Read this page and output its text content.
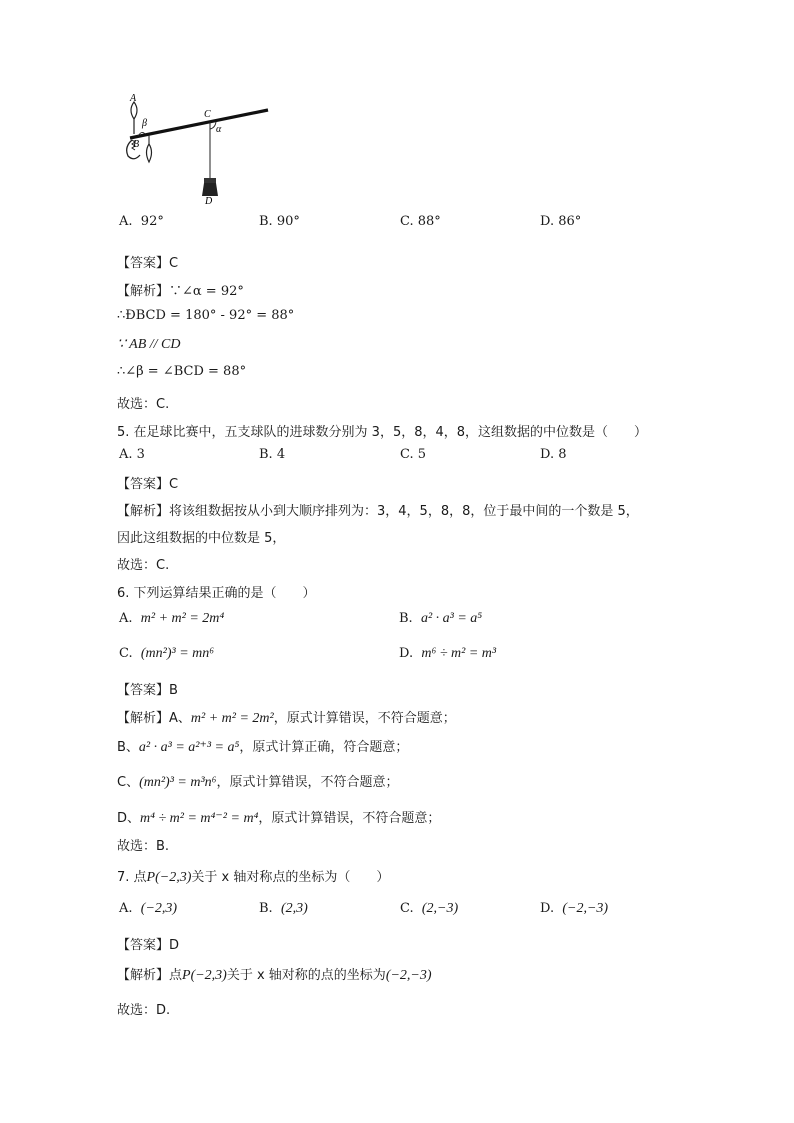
A
B
C
D
α
β
A. 92°	B. 90°	C. 88°	D. 86°
【答案】C
【解析】∵∠α = 92°
∴ÐBCD = 180° - 92° = 88°
∵ AB // CD
∴∠β = ∠BCD = 88°
故选：C.
5. 在足球比赛中，五支球队的进球数分别为 3，5，8，4，8，这组数据的中位数是（　　）
A. 3	B. 4	C. 5	D. 8
【答案】C
【解析】将该组数据按从小到大顺序排列为：3，4，5，8，8，位于最中间的一个数是 5，
因此这组数据的中位数是 5，
故选：C.
6. 下列运算结果正确的是（　　）
A. m² + m² = 2m⁴	B. a² · a³ = a⁵
C. (mn²)³ = mn⁶	D. m⁶ ÷ m² = m³
【答案】B
【解析】A、m² + m² = 2m²，原式计算错误，不符合题意；
B、a² · a³ = a²⁺³ = a⁵，原式计算正确，符合题意；
C、(mn²)³ = m³n⁶，原式计算错误，不符合题意；
D、m⁴ ÷ m² = m⁴⁻² = m⁴，原式计算错误，不符合题意；
故选：B.
7. 点P(−2,3)关于 x 轴对称点的坐标为（　　）
A. (−2,3)	B. (2,3)	C. (2,−3)	D. (−2,−3)
【答案】D
【解析】点P(−2,3)关于 x 轴对称的点的坐标为(−2,−3)
故选：D.
